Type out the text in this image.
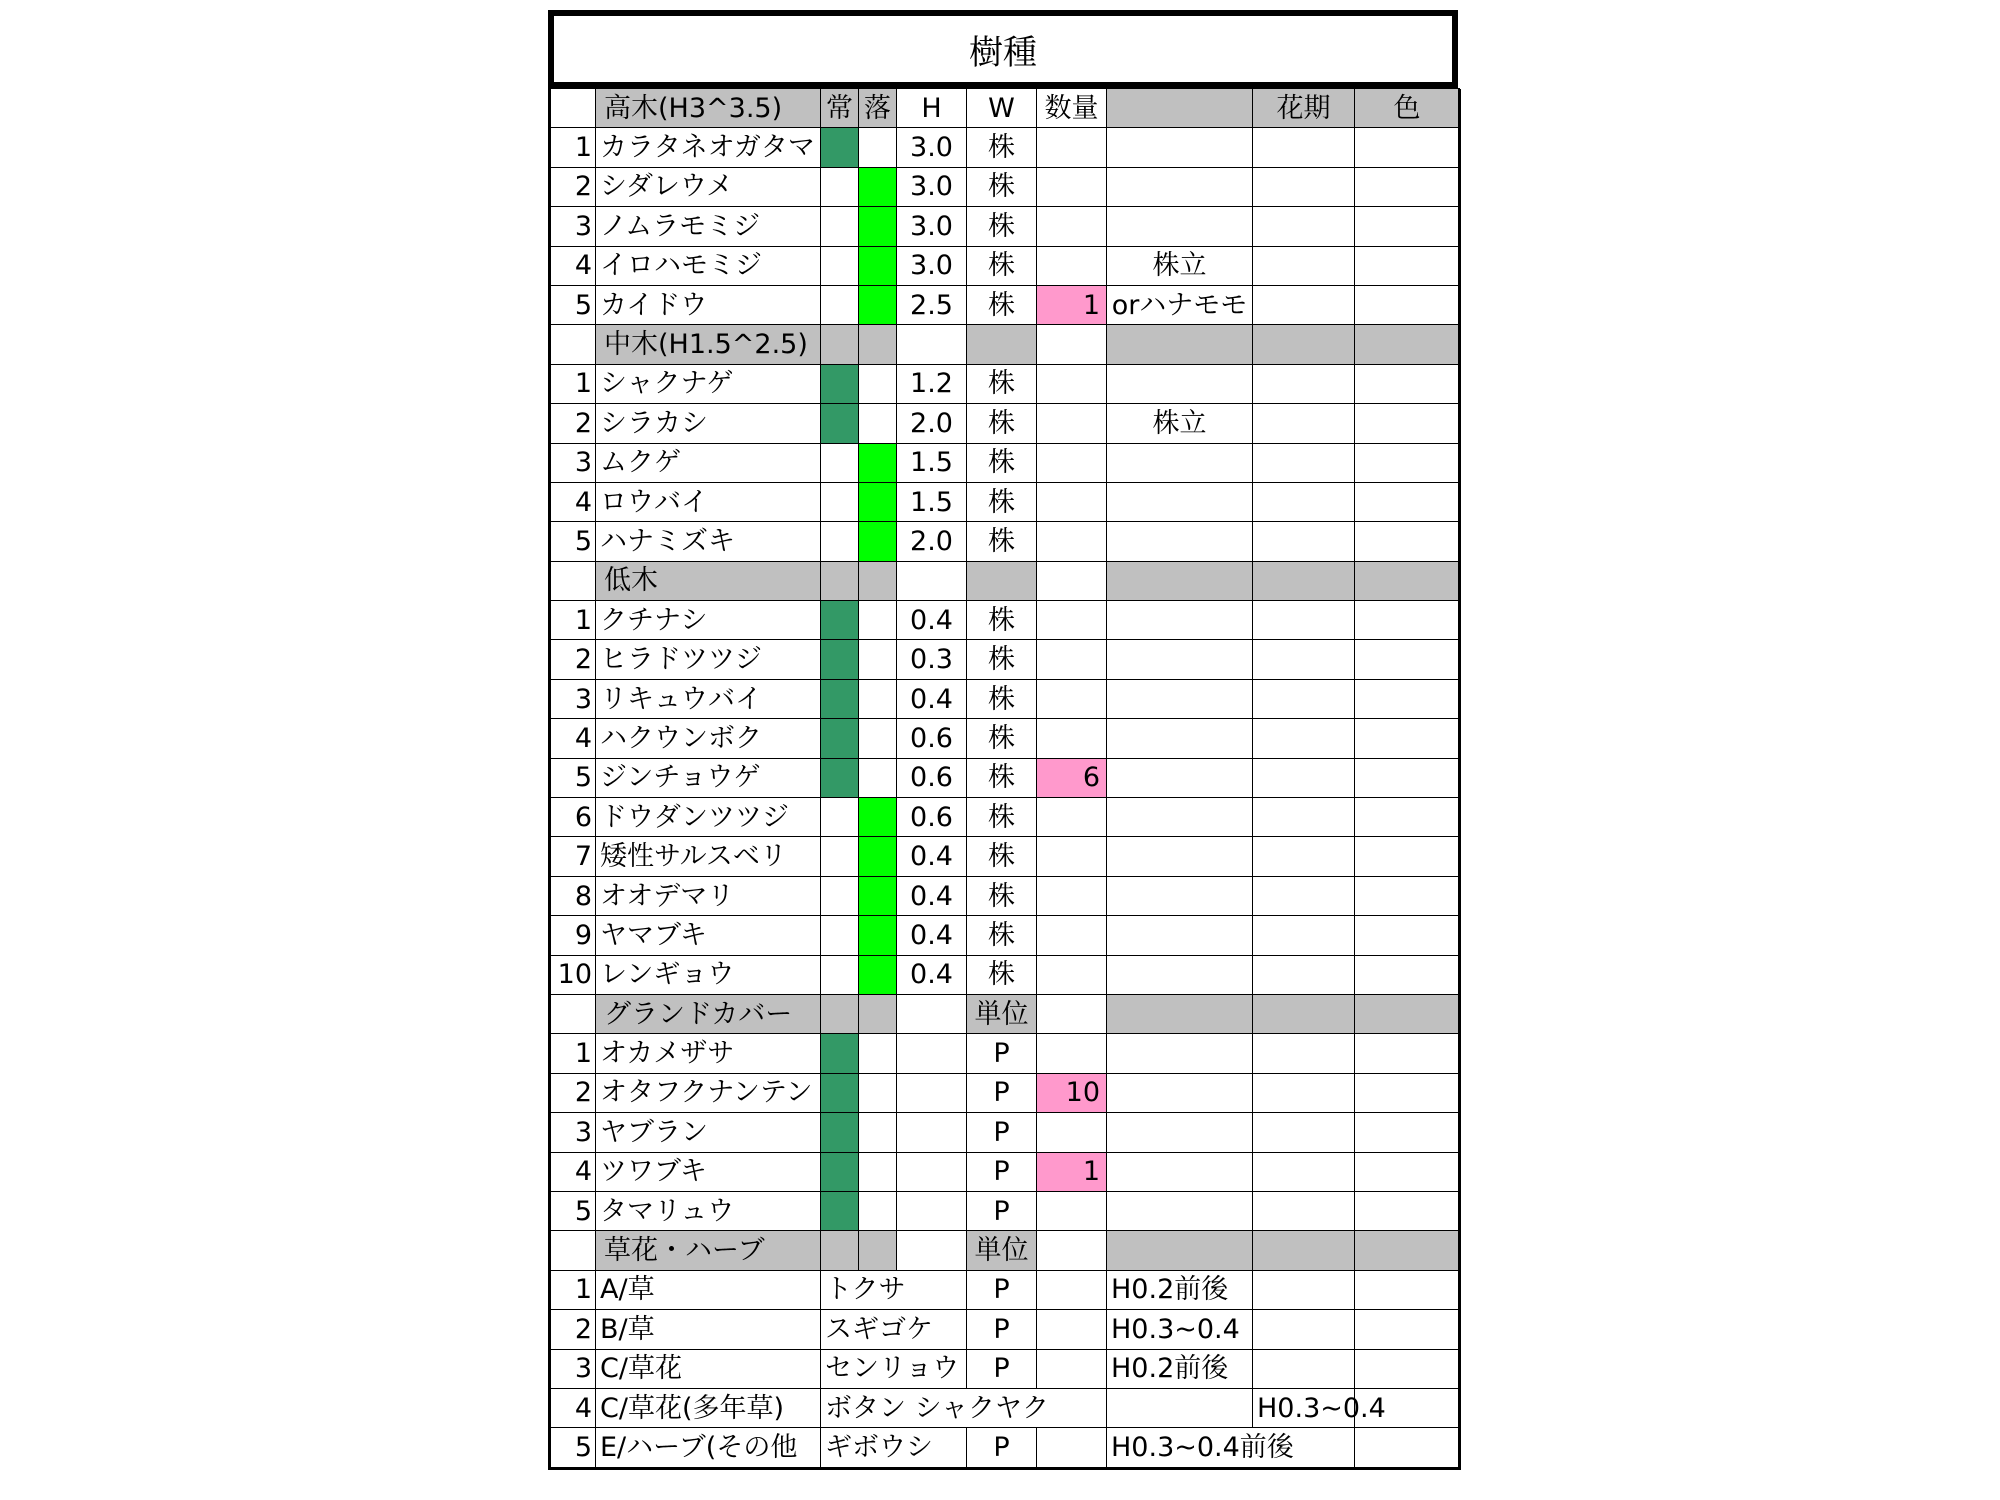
樹種
	高木(H3^3.5)	常	落	H	W	数量		花期	色	
1	カラタネオガタマ			3.0	株					
2	シダレウメ			3.0	株					
3	ノムラモミジ			3.0	株					
4	イロハモミジ			3.0	株		株立			
5	カイドウ			2.5	株	1	orハナモモ			
	中木(H1.5^2.5)									
1	シャクナゲ			1.2	株					
2	シラカシ			2.0	株		株立			
3	ムクゲ			1.5	株					
4	ロウバイ			1.5	株					
5	ハナミズキ			2.0	株					
	低木									
1	クチナシ			0.4	株					
2	ヒラドツツジ			0.3	株					
3	リキュウバイ			0.4	株					
4	ハクウンボク			0.6	株					
5	ジンチョウゲ			0.6	株	6				
6	ドウダンツツジ			0.6	株					
7	矮性サルスベリ			0.4	株					
8	オオデマリ			0.4	株					
9	ヤマブキ			0.4	株					
10	レンギョウ			0.4	株					
	グランドカバー				単位					
1	オカメザサ				P					
2	オタフクナンテン				P	10				
3	ヤブラン				P					
4	ツワブキ				P	1				
5	タマリュウ				P					
	草花・ハーブ				単位					
1	A/草	トクサ			P		H0.2前後			
2	B/草	スギゴケ			P		H0.3~0.4			
3	C/草花	センリョウ			P		H0.2前後			
4	C/草花(多年草)	ボタン シャクヤク						H0.3~0.4		
5	E/ハーブ(その他	ギボウシ			P		H0.3~0.4前後			
